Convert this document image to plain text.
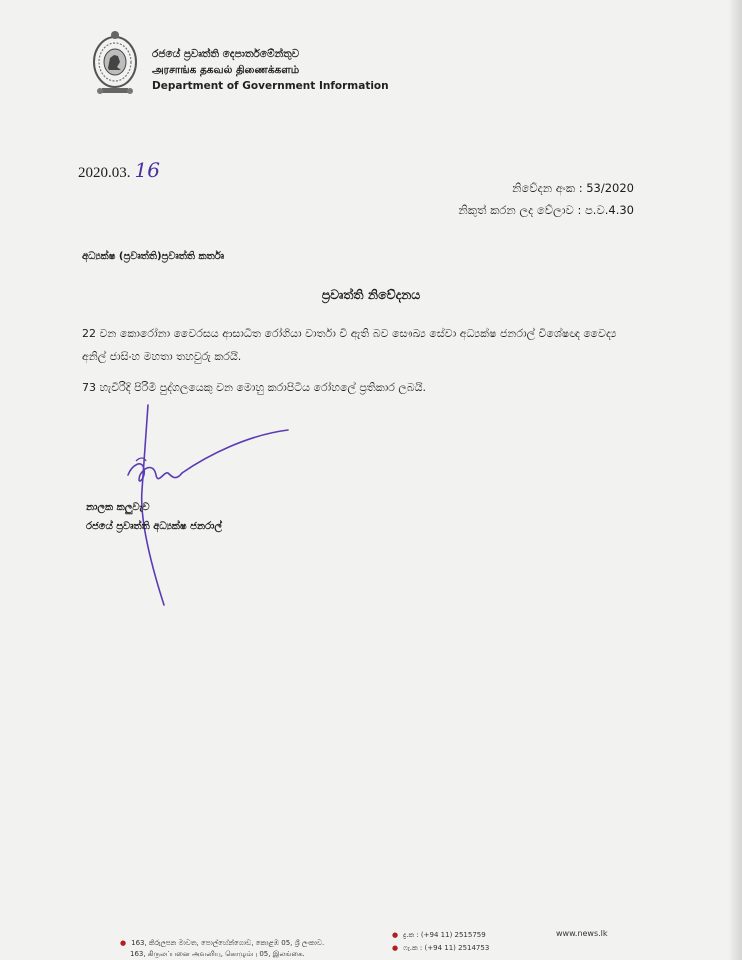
රජයේ ප්‍රවෘත්ති දෙපාර්තමේන්තුව
அரசாங்க தகவல் திணைக்களம்
Department of Government Information
2020.03. 16
නිවේදන අංක : 53/2020
නිකුත් කරන ලද වේලාව : ප.ව.4.30
අධ්‍යක්ෂ (ප්‍රවෘත්ති)ප්‍රවෘත්ති කර්තෘ
ප්‍රවෘත්ති නිවේදනය

22 වන කොරෝනා වෛරසය ආසාධිත රෝගියා වාර්තා වී ඇති බව සෞඛ්‍ය සේවා අධ්‍යක්ෂ ජනරාල් විශේෂඥ වෛද්‍ය අනිල් ජාසිංහ මහතා තහවුරු කරයි.

73 හැවිරිදි පිරිමි පුද්ගලයෙකු වන මොහු කරාපිටිය රෝහලේ ප්‍රතිකාර ලබයි.

නාලක කලුවැව
රජයේ ප්‍රවෘත්ති අධ්‍යක්ෂ ජනරාල්
● 163, කිරුලපන මාවත, පොල්හේන්ගොඩ, කොළඹ 05, ශ්‍රී ලංකාව.
163, கிருலப்பனை அவனியு, கொழும்பு 05, இலங்கை.
● දු.ක : (+94 11) 2515759
● ෆැ.ක : (+94 11) 2514753
www.news.lk
